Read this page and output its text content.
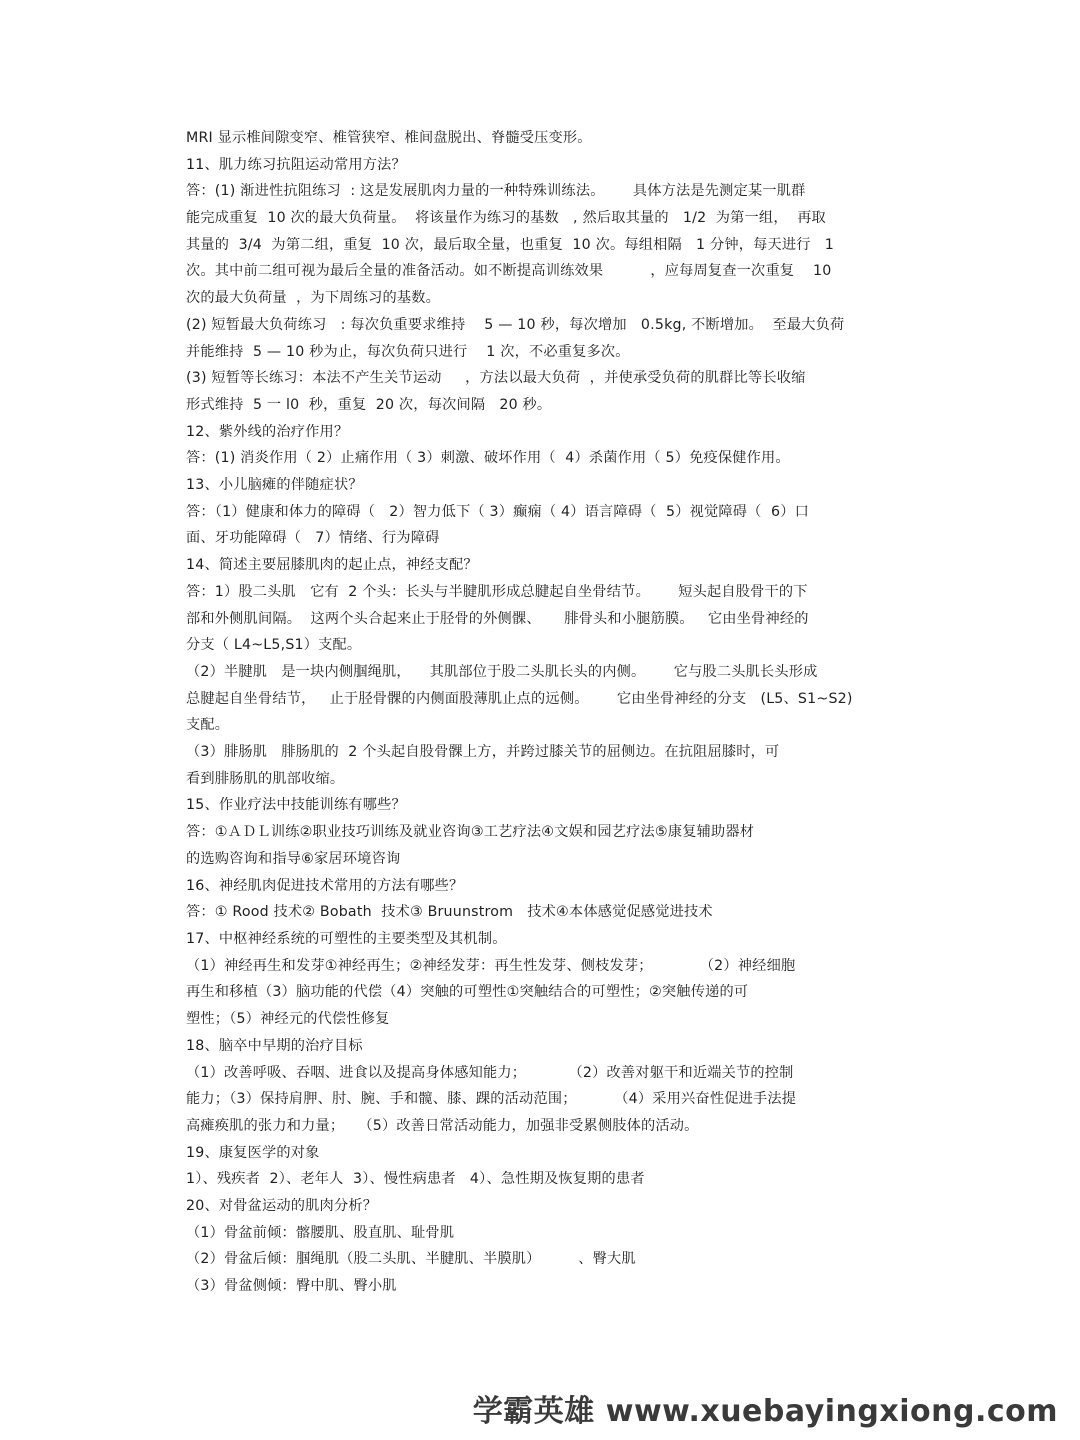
MRI 显示椎间隙变窄、椎管狭窄、椎间盘脱出、脊髓受压变形。
11、肌力练习抗阻运动常用方法？
答：(1) 渐进性抗阻练习  : 这是发展肌肉力量的一种特殊训练法。      具体方法是先测定某一肌群
能完成重复  10 次的最大负荷量。  将该量作为练习的基数   , 然后取其量的   1/2  为第一组，  再取
其量的  3/4  为第二组，重复  10 次，最后取全量，也重复  10 次。每组相隔   1 分钟，每天进行   1
次。其中前二组可视为最后全量的准备活动。如不断提高训练效果          ，应每周复查一次重复    10
次的最大负荷量  ，为下周练习的基数。
(2) 短暂最大负荷练习   : 每次负重要求维持    5 — 10 秒，每次增加   0.5kg, 不断增加。  至最大负荷
并能维持  5 — 10 秒为止，每次负荷只进行    1 次，不必重复多次。
(3) 短暂等长练习：本法不产生关节运动     ，方法以最大负荷  ，并使承受负荷的肌群比等长收缩
形式维持  5 一 l0  秒，重复  20 次，每次间隔   20 秒。
12、紫外线的治疗作用？
答：(1) 消炎作用（ 2）止痛作用（ 3）刺激、破坏作用（  4）杀菌作用（ 5）免疫保健作用。
13、小儿脑瘫的伴随症状？
答：（1）健康和体力的障碍（   2）智力低下（ 3）癫痫（ 4）语言障碍（  5）视觉障碍（  6）口
面、牙功能障碍（   7）情绪、行为障碍
14、简述主要屈膝肌肉的起止点，神经支配？
答：1）股二头肌   它有  2 个头：长头与半腱肌形成总腱起自坐骨结节。      短头起自股骨干的下
部和外侧肌间隔。  这两个头合起来止于胫骨的外侧髁、     腓骨头和小腿筋膜。   它由坐骨神经的
分支（ L4~L5,S1）支配。
（2）半腱肌   是一块内侧腘绳肌，    其肌部位于股二头肌长头的内侧。      它与股二头肌长头形成
总腱起自坐骨结节，   止于胫骨髁的内侧面股薄肌止点的远侧。      它由坐骨神经的分支   (L5、S1~S2)
支配。
（3）腓肠肌   腓肠肌的  2 个头起自股骨髁上方，并跨过膝关节的屈侧边。在抗阻屈膝时，可
看到腓肠肌的肌部收缩。
15、作业疗法中技能训练有哪些？
答：①ＡＤＬ训练②职业技巧训练及就业咨询③工艺疗法④文娱和园艺疗法⑤康复辅助器材
的选购咨询和指导⑥家居环境咨询
16、神经肌肉促进技术常用的方法有哪些？
答：① Rood 技术② Bobath  技术③ Bruunstrom   技术④本体感觉促感觉进技术
17、中枢神经系统的可塑性的主要类型及其机制。
（1）神经再生和发芽①神经再生；②神经发芽：再生性发芽、侧枝发芽；          （2）神经细胞
再生和移植（3）脑功能的代偿（4）突触的可塑性①突触结合的可塑性；②突触传递的可
塑性；（5）神经元的代偿性修复
18、脑卒中早期的治疗目标
（1）改善呼吸、吞咽、进食以及提高身体感知能力；         （2）改善对躯干和近端关节的控制
能力；（3）保持肩胛、肘、腕、手和髋、膝、踝的活动范围；        （4）采用兴奋性促进手法提
高瘫痪肌的张力和力量；   （5）改善日常活动能力，加强非受累侧肢体的活动。
19、康复医学的对象
1）、残疾者  2）、老年人  3）、慢性病患者   4）、急性期及恢复期的患者
20、对骨盆运动的肌肉分析？
（1）骨盆前倾：髂腰肌、股直肌、耻骨肌
（2）骨盆后倾：腘绳肌（股二头肌、半腱肌、半膜肌）        、臀大肌
（3）骨盆侧倾：臀中肌、臀小肌
学霸英雄 www.xuebayingxiong.com
